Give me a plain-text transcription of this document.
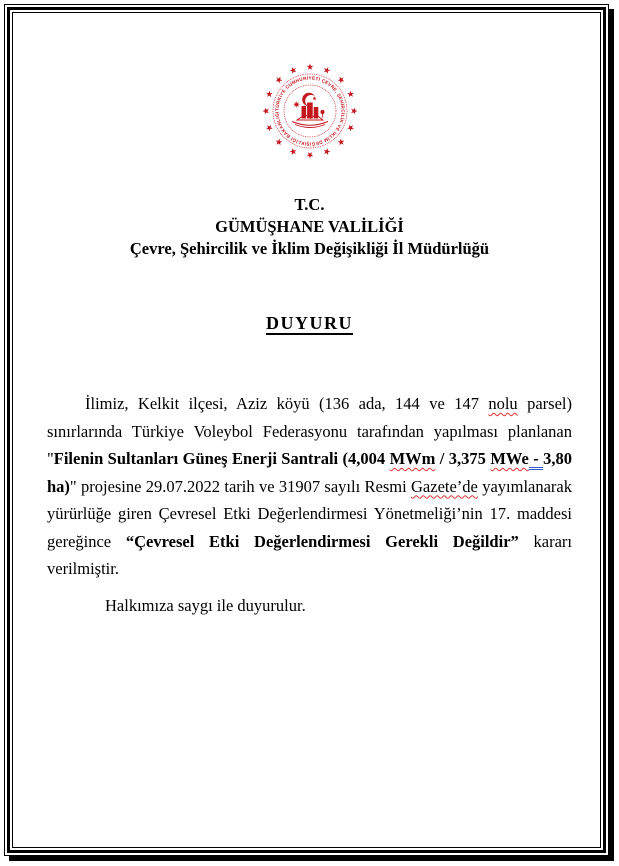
TÜRKİYE CUMHURİYETİ ÇEVRE, ŞEHİRCİLİK VE İKLİM DEĞİŞİKLİĞİ BAKANLIĞI
T.C.
GÜMÜŞHANE VALİLİĞİ
Çevre, Şehircilik ve İklim Değişikliği İl Müdürlüğü
DUYURU

İlimiz, Kelkit ilçesi, Aziz köyü (136 ada, 144 ve 147 nolu parsel) sınırlarında Türkiye Voleybol Federasyonu tarafından yapılması planlanan "Filenin Sultanları Güneş Enerji Santrali (4,004 MWm / 3,375 MWe - 3,80 ha)" projesine 29.07.2022 tarih ve 31907 sayılı Resmi Gazete’de yayımlanarak yürürlüğe giren Çevresel Etki Değerlendirmesi Yönetmeliği’nin 17. maddesi gereğince “Çevresel Etki Değerlendirmesi Gerekli Değildir” kararı verilmiştir.

Halkımıza saygı ile duyurulur.
